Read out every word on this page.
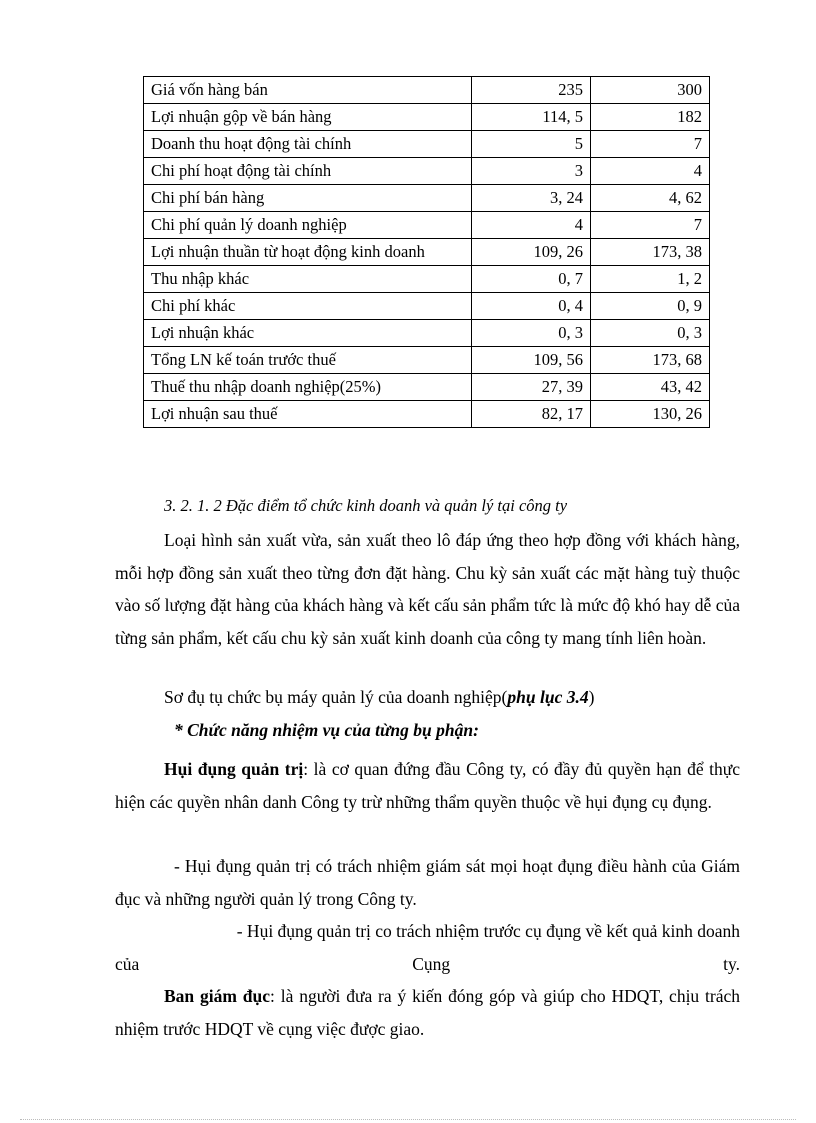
Giá vốn hàng bán	235	300
Lợi nhuận gộp về bán hàng	114, 5	182
Doanh thu hoạt động tài chính	5	7
Chi phí hoạt động tài chính	3	4
Chi phí bán hàng	3, 24	4, 62
Chi phí quản lý doanh nghiệp	4	7
Lợi nhuận thuần từ hoạt động kinh doanh	109, 26	173, 38
Thu nhập khác	0, 7	1, 2
Chi phí khác	0, 4	0, 9
Lợi nhuận khác	0, 3	0, 3
Tổng LN kế toán trước thuế	109, 56	173, 68
Thuế thu nhập doanh nghiệp(25%)	27, 39	43, 42
Lợi nhuận sau thuế	82, 17	130, 26
3. 2. 1. 2 Đặc điểm tổ chức kinh doanh và quản lý tại công ty
Loại hình sản xuất vừa, sản xuất theo lô đáp ứng theo hợp đồng với khách hàng, mỗi hợp đồng sản xuất theo từng đơn đặt hàng. Chu kỳ sản xuất các mặt hàng tuỳ thuộc vào số lượng đặt hàng của khách hàng và kết cấu sản phẩm tức là mức độ khó hay dễ của từng sản phẩm, kết cấu chu kỳ sản xuất kinh doanh của công ty mang tính liên hoàn.
Sơ đụ tụ chức bụ máy quản lý của doanh nghiệp(phụ lục 3.4)
* Chức năng nhiệm vụ của từng bụ phận:
Hụi đụng quản trị: là cơ quan đứng đầu Công ty, có đầy đủ quyền hạn để thực hiện các quyền nhân danh Công ty trừ những thẩm quyền thuộc về hụi đụng cụ đụng.
- Hụi đụng quản trị có trách nhiệm giám sát mọi hoạt đụng điều hành của Giám đục và những người quản lý trong Công ty.
- Hụi đụng quản trị co trách nhiệm trước cụ đụng về kết quả kinh doanh
của	Cụng	ty.
Ban giám đục: là người đưa ra ý kiến đóng góp và giúp cho HDQT, chịu trách nhiệm trước HDQT về cụng việc được giao.
